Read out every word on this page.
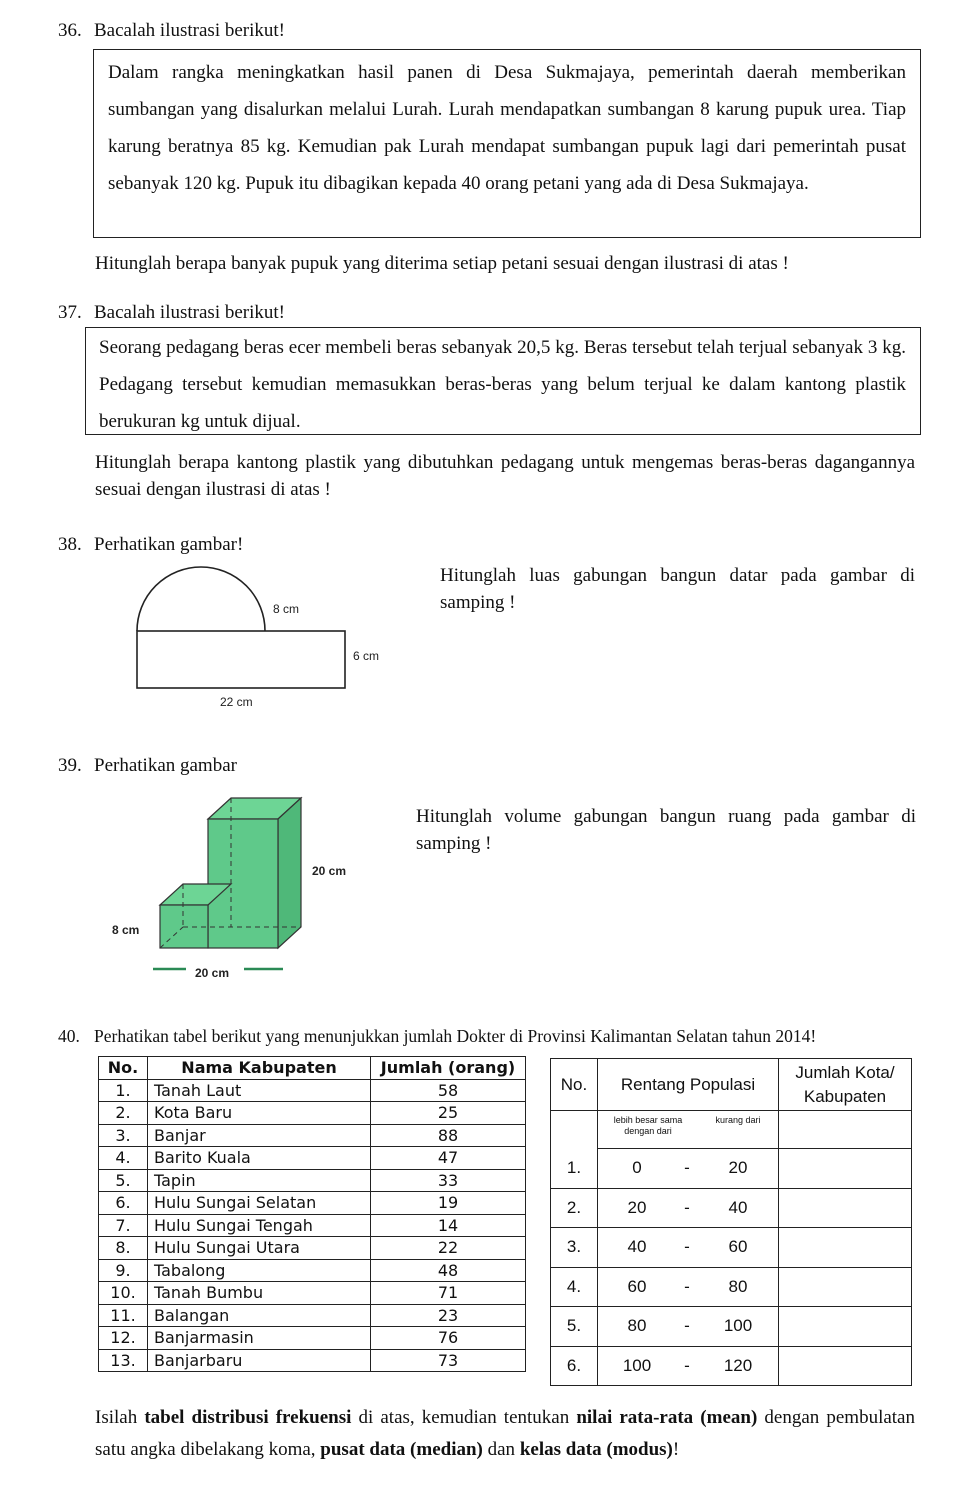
36. Bacalah ilustrasi berikut!

Dalam rangka meningkatkan hasil panen di Desa Sukmajaya, pemerintah daerah memberikan sumbangan yang disalurkan melalui Lurah. Lurah mendapatkan sumbangan 8 karung pupuk urea. Tiap karung beratnya 85 kg. Kemudian pak Lurah mendapat sumbangan pupuk lagi dari pemerintah pusat sebanyak 120 kg. Pupuk itu dibagikan kepada 40 orang petani yang ada di Desa Sukmajaya.

Hitunglah berapa banyak pupuk yang diterima setiap petani sesuai dengan ilustrasi di atas !
37. Bacalah ilustrasi berikut!

Seorang pedagang beras ecer membeli beras sebanyak 20,5 kg. Beras tersebut telah terjual sebanyak 3 kg. Pedagang tersebut kemudian memasukkan beras-beras yang belum terjual ke dalam kantong plastik berukuran kg untuk dijual.

Hitunglah berapa kantong plastik yang dibutuhkan pedagang untuk mengemas beras-beras dagangannya sesuai dengan ilustrasi di atas !

38. Perhatikan gambar!
8 cm
6 cm
22 cm

Hitunglah luas gabungan bangun datar pada gambar di samping !

39. Perhatikan gambar
20 cm
8 cm
20 cm

Hitunglah volume gabungan bangun ruang pada gambar di samping !

40. Perhatikan tabel berikut yang menunjukkan jumlah Dokter di Provinsi Kalimantan Selatan tahun 2014!
No.	Nama Kabupaten	Jumlah (orang)
1.	Tanah Laut	58
2.	Kota Baru	25
3.	Banjar	88
4.	Barito Kuala	47
5.	Tapin	33
6.	Hulu Sungai Selatan	19
7.	Hulu Sungai Tengah	14
8.	Hulu Sungai Utara	22
9.	Tabalong	48
10.	Tanah Bumbu	71
11.	Balangan	23
12.	Banjarmasin	76
13.	Banjarbaru	73
No.	Rentang Populasi			Jumlah Kota/ Kabupaten
	lebih besar sama dengan dari		kurang dari	
1.	0	-	20	
2.	20	-	40	
3.	40	-	60	
4.	60	-	80	
5.	80	-	100	
6.	100	-	120	

Isilah tabel distribusi frekuensi di atas, kemudian tentukan nilai rata-rata (mean) dengan pembulatan satu angka dibelakang koma, pusat data (median) dan kelas data (modus)!
